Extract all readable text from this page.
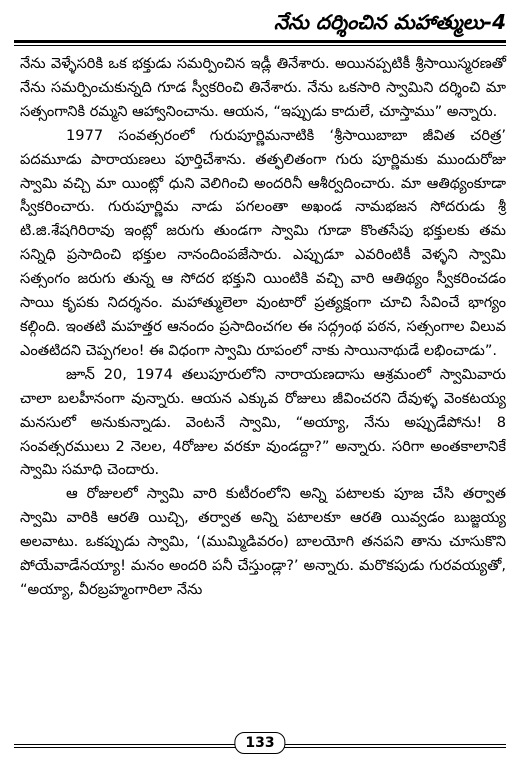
నేను దర్శించిన మహాత్ములు-4

నేను వెళ్ళేసరికి ఒక భక్తుడు సమర్పించిన ఇడ్లీ తినేశారు. అయినప్పటికీ శ్రీసాయిస్మరణతో నేను సమర్పించుకున్నది గూడ స్వీకరించి తినేశారు. నేను ఒకసారి స్వామిని దర్శించి మా సత్సంగానికి రమ్మని ఆహ్వానించాను. ఆయన, “ఇప్పుడు కాదులే, చూస్తాము” అన్నారు.

1977 సంవత్సరంలో గురుపూర్ణిమనాటికి ‘శ్రీసాయిబాబా జీవిత చరిత్ర’ పదమూడు పారాయణలు పూర్తిచేశాను. తత్ఫలితంగా గురు పూర్ణిమకు ముందురోజు స్వామి వచ్చి మా యింట్లో ధుని వెలిగించి అందరినీ ఆశీర్వదించారు. మా ఆతిథ్యంకూడా స్వీకరించారు. గురుపూర్ణిమ నాడు పగలంతా అఖండ నామభజన సోదరుడు శ్రీ టి.జి.శేషగిరిరావు ఇంట్లో జరుగు తుండగా స్వామి గూడా కొంతసేపు భక్తులకు తమ సన్నిధి ప్రసాదించి భక్తుల నానందింపజేసారు. ఎప్పుడూ ఎవరింటికీ వెళ్ళని స్వామి సత్సంగం జరుగు తున్న ఆ సోదర భక్తుని యింటికి వచ్చి వారి ఆతిథ్యం స్వీకరించడం సాయి కృపకు నిదర్శనం. మహాత్ములెలా వుంటారో ప్రత్యక్షంగా చూచి సేవించే భాగ్యం కల్గింది. ఇంతటి మహత్తర ఆనందం ప్రసాదించగల ఈ సద్గ్రంథ పఠన, సత్సంగాల విలువ ఎంతటిదని చెప్పగలం! ఈ విధంగా స్వామి రూపంలో నాకు సాయినాథుడే లభించాడు”.

జూన్ 20, 1974 తలుపూరులోని నారాయణదాసు ఆశ్రమంలో స్వామివారు చాలా బలహీనంగా వున్నారు. ఆయన ఎక్కువ రోజులు జీవించరని దేవుళ్ళ వెంకటయ్య మనసులో అనుకున్నాడు. వెంటనే స్వామి, “అయ్యా, నేను అప్పుడేపోను! 8 సంవత్సరములు 2 నెలల, 4రోజుల వరకూ వుండద్దా?” అన్నారు. సరిగా అంతకాలానికే స్వామి సమాధి చెందారు.

ఆ రోజులలో స్వామి వారి కుటీరంలోని అన్ని పటాలకు పూజ చేసి తర్వాత స్వామి వారికి ఆరతి యిచ్చి, తర్వాత అన్ని పటాలకూ ఆరతి యివ్వడం బుజ్జయ్య అలవాటు. ఒకప్పుడు స్వామి, ‘(ముమ్మిడివరం) బాలయోగి తనపని తాను చూసుకొని పోయేవాడేనయ్యా! మనం అందరి పనీ చేస్తుండ్లా?’ అన్నారు. మరొకపుడు గురవయ్యతో, “అయ్యా, వీరబ్రహ్మంగారిలా నేను

133
